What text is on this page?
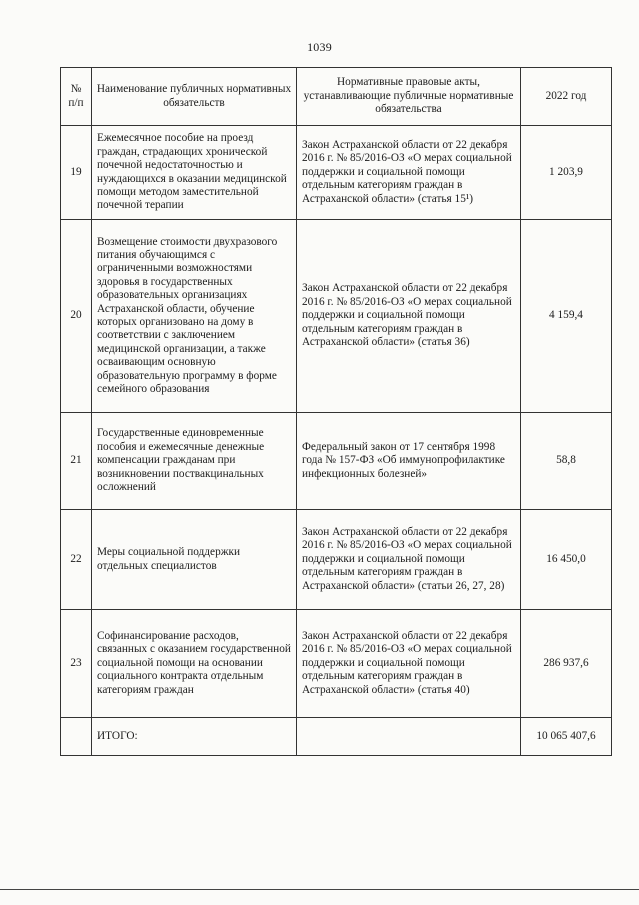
1039
№ п/п	Наименование публичных нормативных обязательств	Нормативные правовые акты, устанавливающие публичные нормативные обязательства	2022 год
19	Ежемесячное пособие на проезд граждан, страдающих хронической почечной недостаточностью и нуждающихся в оказании медицинской помощи методом заместительной почечной терапии	Закон Астраханской области от 22 декабря 2016 г. № 85/2016-ОЗ «О мерах социальной поддержки и социальной помощи отдельным категориям граждан в Астраханской области» (статья 15¹)	1 203,9
20	Возмещение стоимости двухразового питания обучающимся с ограниченными возможностями здоровья в государственных образовательных организациях Астраханской области, обучение которых организовано на дому в соответствии с заключением медицинской организации, а также осваивающим основную образовательную программу в форме семейного образования	Закон Астраханской области от 22 декабря 2016 г. № 85/2016-ОЗ «О мерах социальной поддержки и социальной помощи отдельным категориям граждан в Астраханской области» (статья 36)	4 159,4
21	Государственные единовременные пособия и ежемесячные денежные компенсации гражданам при возникновении поствакцинальных осложнений	Федеральный закон от 17 сентября 1998 года № 157-ФЗ «Об иммунопрофилактике инфекционных болезней»	58,8
22	Меры социальной поддержки отдельных специалистов	Закон Астраханской области от 22 декабря 2016 г. № 85/2016-ОЗ «О мерах социальной поддержки и социальной помощи отдельным категориям граждан в Астраханской области» (статьи 26, 27, 28)	16 450,0
23	Софинансирование расходов, связанных с оказанием государственной социальной помощи на основании социального контракта отдельным категориям граждан	Закон Астраханской области от 22 декабря 2016 г. № 85/2016-ОЗ «О мерах социальной поддержки и социальной помощи отдельным категориям граждан в Астраханской области» (статья 40)	286 937,6
	ИТОГО:		10 065 407,6
